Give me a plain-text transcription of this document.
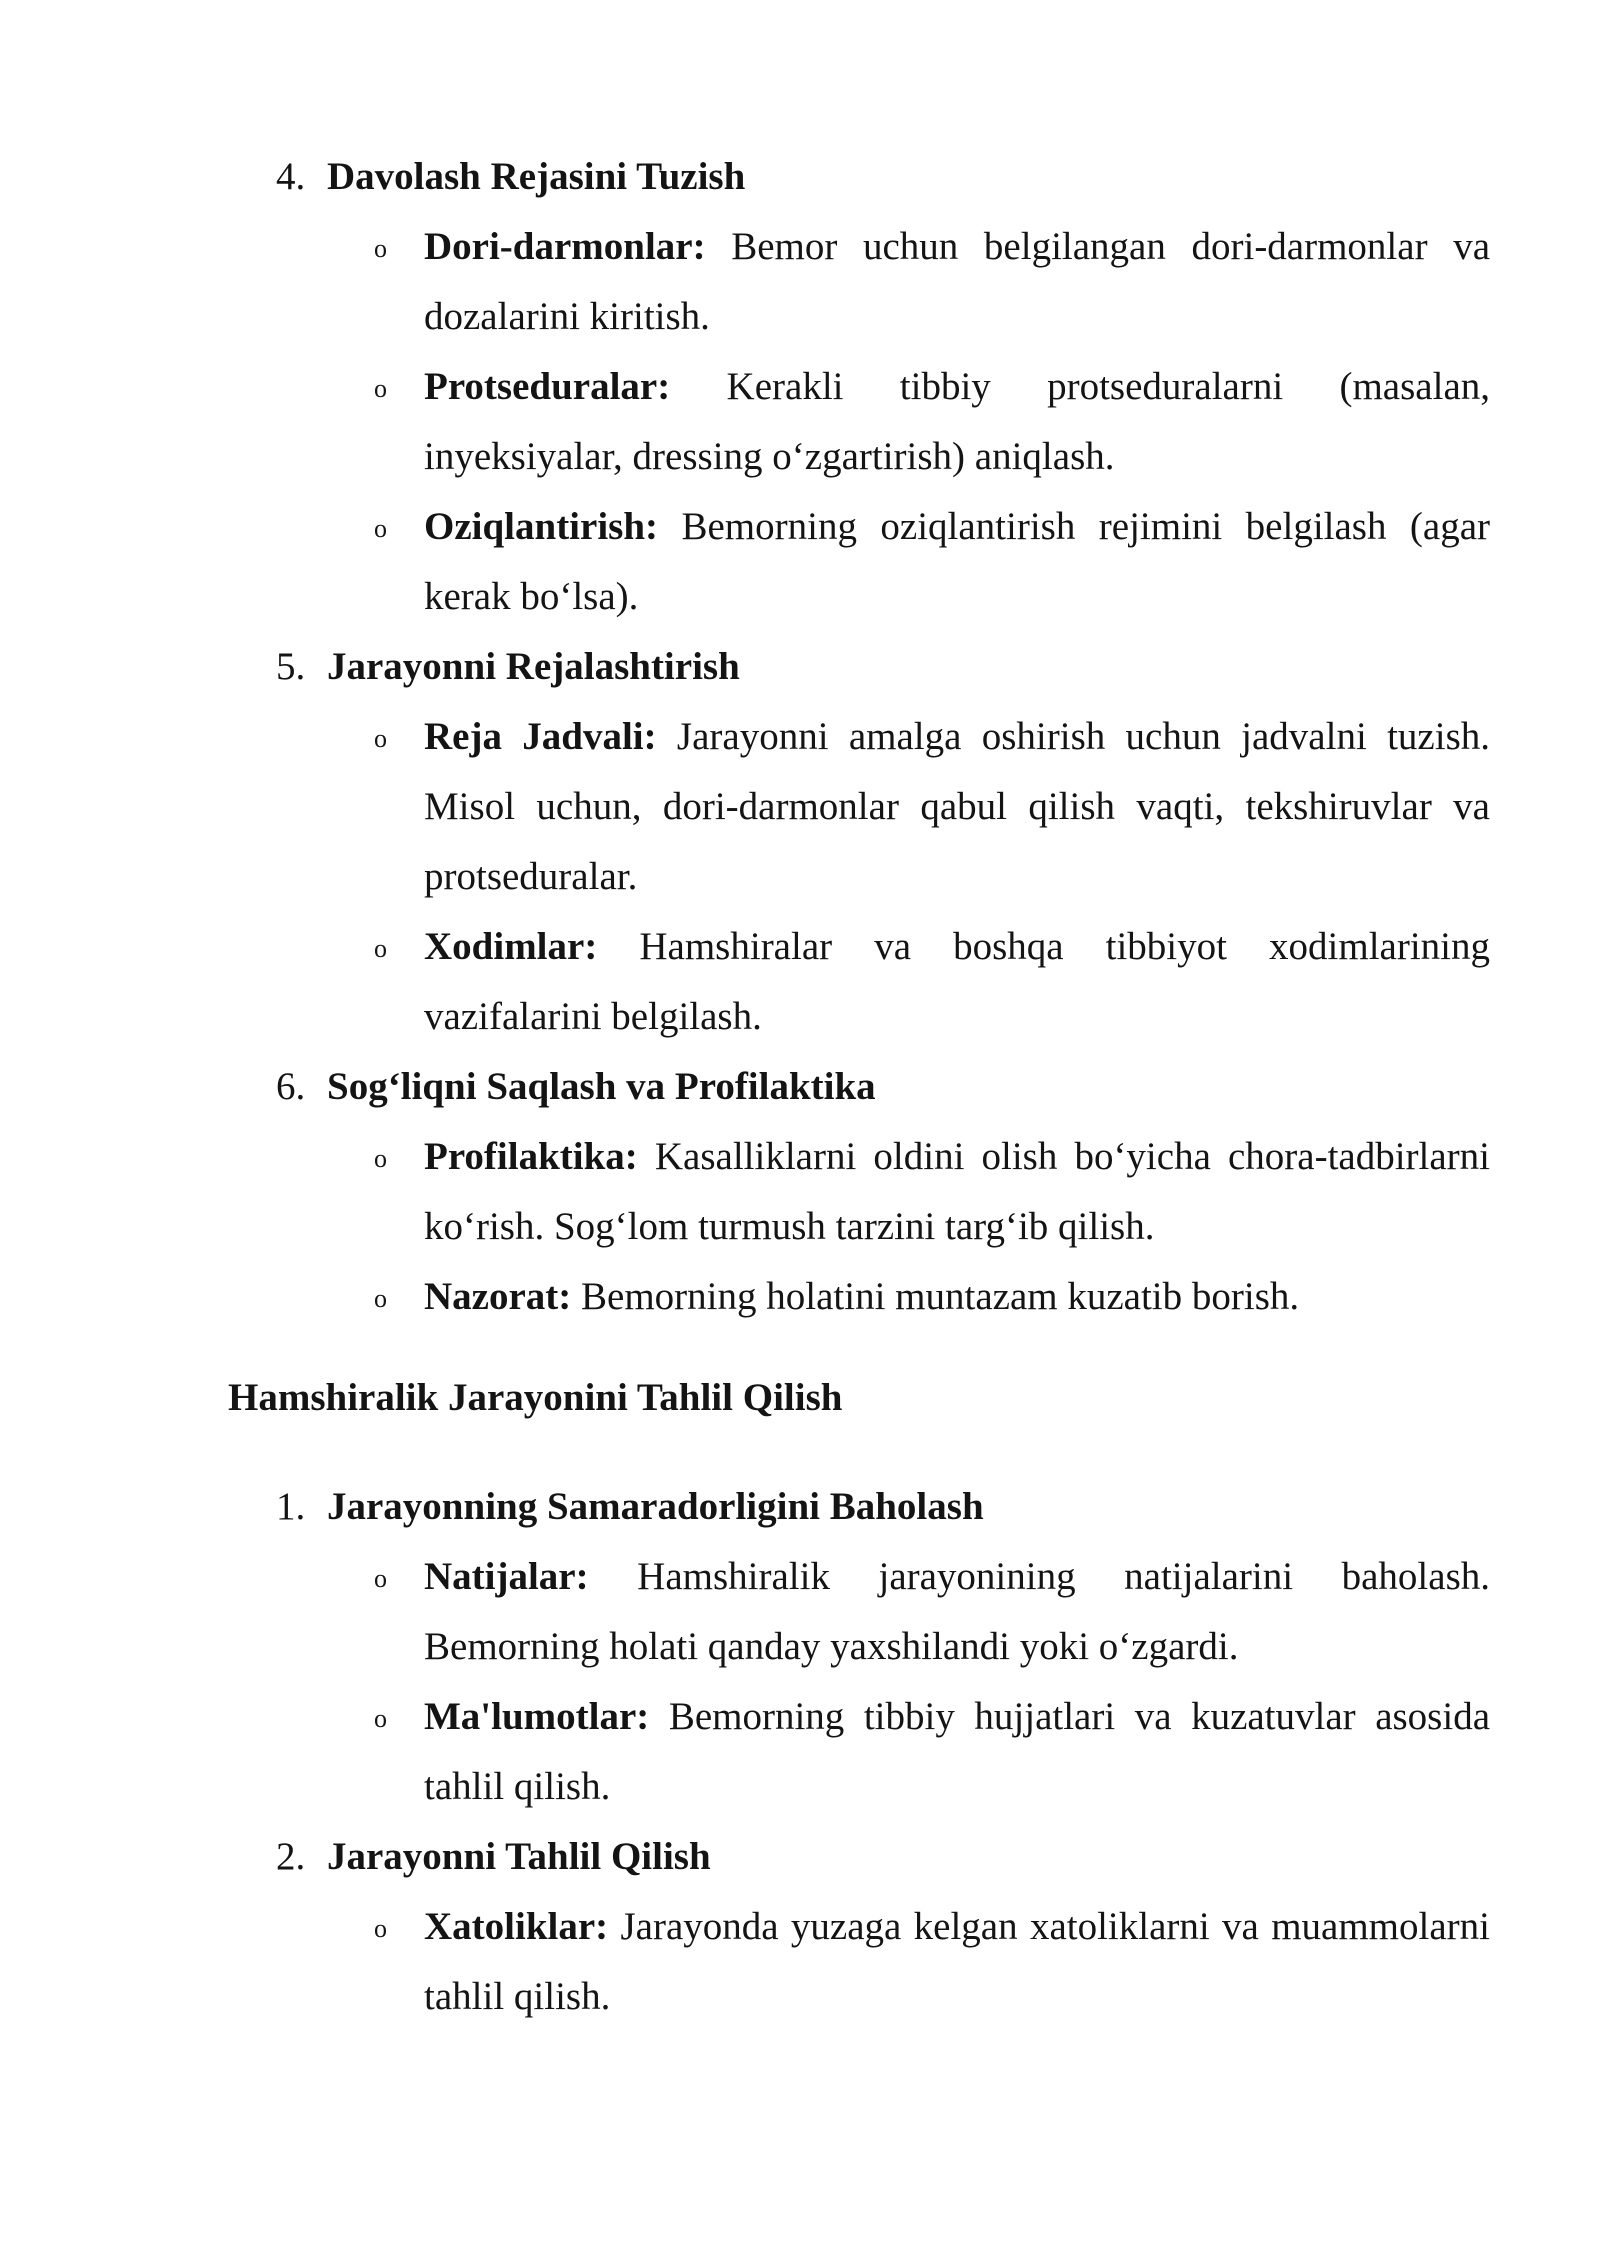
4. Davolash Rejasini Tuzish
o Dori-darmonlar: Bemor uchun belgilangan dori-darmonlar va dozalarini kiritish.
o Protseduralar: Kerakli tibbiy protseduralarni (masalan, inyeksiyalar, dressing o‘zgartirish) aniqlash.
o Oziqlantirish: Bemorning oziqlantirish rejimini belgilash (agar kerak bo‘lsa).
5. Jarayonni Rejalashtirish
o Reja Jadvali: Jarayonni amalga oshirish uchun jadvalni tuzish. Misol uchun, dori-darmonlar qabul qilish vaqti, tekshiruvlar va protseduralar.
o Xodimlar: Hamshiralar va boshqa tibbiyot xodimlarining vazifalarini belgilash.
6. Sog‘liqni Saqlash va Profilaktika
o Profilaktika: Kasalliklarni oldini olish bo‘yicha chora-tadbirlarni ko‘rish. Sog‘lom turmush tarzini targ‘ib qilish.
o Nazorat: Bemorning holatini muntazam kuzatib borish.
Hamshiralik Jarayonini Tahlil Qilish
1. Jarayonning Samaradorligini Baholash
o Natijalar: Hamshiralik jarayonining natijalarini baholash. Bemorning holati qanday yaxshilandi yoki o‘zgardi.
o Ma'lumotlar: Bemorning tibbiy hujjatlari va kuzatuvlar asosida tahlil qilish.
2. Jarayonni Tahlil Qilish
o Xatoliklar: Jarayonda yuzaga kelgan xatoliklarni va muammolarni tahlil qilish.
